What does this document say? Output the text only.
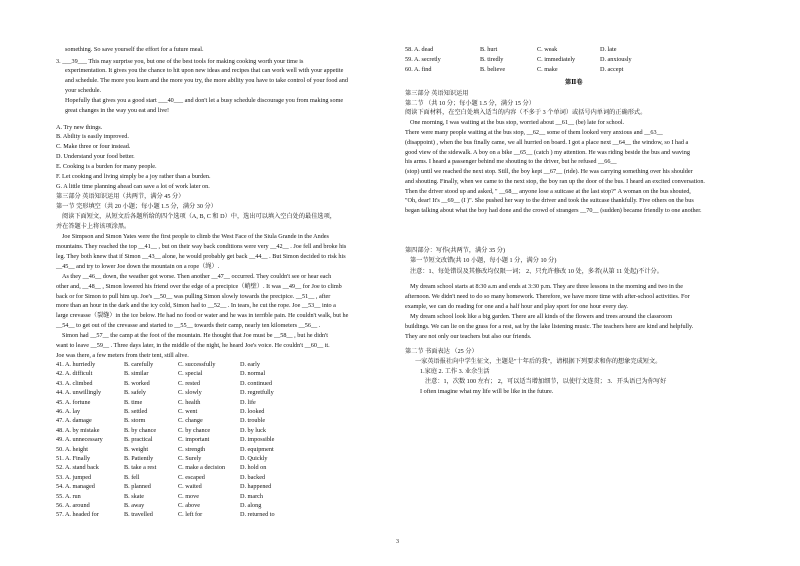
something. So save yourself the effort for a future meal.
3. ___39___ This may surprise you, but one of the best tools for making cooking worth your time is
experimentation. It gives you the chance to hit upon new ideas and recipes that can work well with your appetite
and schedule. The more you learn and the more you try, the more ability you have to take control of your food and
your schedule.
Hopefully that gives you a good start ___40___ and don't let a busy schedule discourage you from making some
great changes in the way you eat and live!
A. Try new things.
B. Ability is easily improved.
C. Make three or four instead.
D. Understand your food better.
E. Cooking is a burden for many people.
F. Let cooking and living simply be a joy rather than a burden.
G. A little time planning ahead can save a lot of work later on.
第三部分 英语知识运用（共两节，满分 45 分）
第一节 完形填空（共 20 小题；每小题 1.5 分，满分 30 分）
阅读下面短文，从短文后各题所给的四个选项（A, B, C 和 D）中，选出可以填入空白处的最佳选项，
并在答题卡上将该项涂黑。
Joe Simpson and Simon Yates were the first people to climb the West Face of the Siula Grande in the Andes
mountains. They reached the top __41__ , but on their way back conditions were very __42__ . Joe fell and broke his
leg. They both knew that if Simon __43__ alone, he would probably get back __44__ . But Simon decided to risk his
__45__ and try to lower Joe down the mountain on a rope（绳）.
As they __46__ down, the weather got worse. Then another __47__ occurred. They couldn't see or hear each
other and, __48__ , Simon lowered his friend over the edge of a precipice（峭壁）. It was __49__ for Joe to climb
back or for Simon to pull him up. Joe's __50__ was pulling Simon slowly towards the precipice. __51__ , after
more than an hour in the dark and the icy cold, Simon had to __52__ . In tears, he cut the rope. Joe __53__ into a
large crevasse（裂缝）in the ice below. He had no food or water and he was in terrible pain. He couldn't walk, but he
__54__ to get out of the crevasse and started to __55__ towards their camp, nearly ten kilometers __56__ .
Simon had __57__ the camp at the foot of the mountain. He thought that Joe must be __58__ , but he didn't
want to leave __59__ . Three days later, in the middle of the night, he heard Joe's voice. He couldn't __60__ it.
Joe was there, a few meters from their tent, still alive.
41. A. hurriedly	B. carefully	C. successfully	D. early
42. A. difficult	B. similar	C. special	D. normal
43. A. climbed	B. worked	C. rested	D. continued
44. A. unwillingly	B. safely	C. slowly	D. regretfully
45. A. fortune	B. time	C. health	D. life
46. A. lay	B. settled	C. went	D. looked
47. A. damage	B. storm	C. change	D. trouble
48. A. by mistake	B. by chance	C. by chance	D. by luck
49. A. unnecessary	B. practical	C. important	D. impossible
50. A. height	B. weight	C. strength	D. equipment
51. A. Finally	B. Patiently	C. Surely	D. Quickly
52. A. stand back	B. take a rest	C. make a decision D. hold on
53. A. jumped	B. fell	C. escaped	D. backed
54. A. managed	B. planned	C. waited	D. happened
55. A. run	B. skate	C. move	D. march
56. A. around	B. away	C. above	D. along
57. A. headed for	B. travelled	C. left for	D. returned to
第Ⅱ卷
第三部分 英语知识运用
第二节 （共 10 分；每小题 1.5 分，满分 15 分）
阅读下面材料，在空白处填入适当的内容（不多于 3 个单词）或括号内单词的正确形式。
One morning, I was waiting at the bus stop, worried about __61__ (be) late for school.
There were many people waiting at the bus stop, __62__ some of them looked very anxious and __63__
(disappoint) , when the bus finally came, we all hurried on board. I got a place next __64__ the window, so I had a
good view of the sidewalk. A boy on a bike __65__ (catch ) my attention. He was riding beside the bus and waving
his arms. I heard a passenger behind me shouting to the driver, but he refused __66__
(stop) until we reached the next stop. Still, the boy kept __67__ (ride). He was carrying something over his shoulder
and shouting. Finally, when we came to the next stop, the boy ran up the door of the bus. I heard an excited conversation.
Then the driver stood up and asked, " __68__ anyone lose a suitcase at the last stop?" A woman on the bus shouted,
"Oh, dear! It's __69__ (I )". She pushed her way to the driver and took the suitcase thankfully. Five others on the bus
began talking about what the boy had done and the crowd of strangers __70__ (sudden) became friendly to one another.
第四部分：写作(共两节，满分 35 分)
第一节短文改错(共 10 小题，每小题 1 分，满分 10 分)
注意：1、每处错误及其修改均仅限一词； 2、只允许修改 10 处，多者(从第 11 处起)不计分。
My dream school starts at 8:30 a.m and ends at 3:30 p.m. They are three lessons in the morning and two in the
afternoon. We didn't need to do so many homework. Therefore, we have more time with after-school activities. For
example, we can do reading for one and a half hour and play sport for one hour every day.
My dream school look like a big garden. There are all kinds of the flowers and trees around the classroom
buildings. We can lie on the grass for a rest, sat by the lake listening music. The teachers here are kind and helpfully.
They are not only our teachers but also our friends.
第二节 书面表达 （25 分）
一家英语报社向中学生征文，主题是"十年后的我"，请根据下列要求和你的想象完成短文。
1.家庭 2. 工作 3. 业余生活
注意：1，次数 100 左右； 2，可以适当增加细节，以使行文连贯； 3．开头语已为你写好
I often imagine what my life will be like in the future.
58. A. dead	B. hurt	C. weak	D. late
59. A. secretly	B. tiredly	C. immediately	D. anxiously
60. A. find	B. believe	C. make	D. accept
3
